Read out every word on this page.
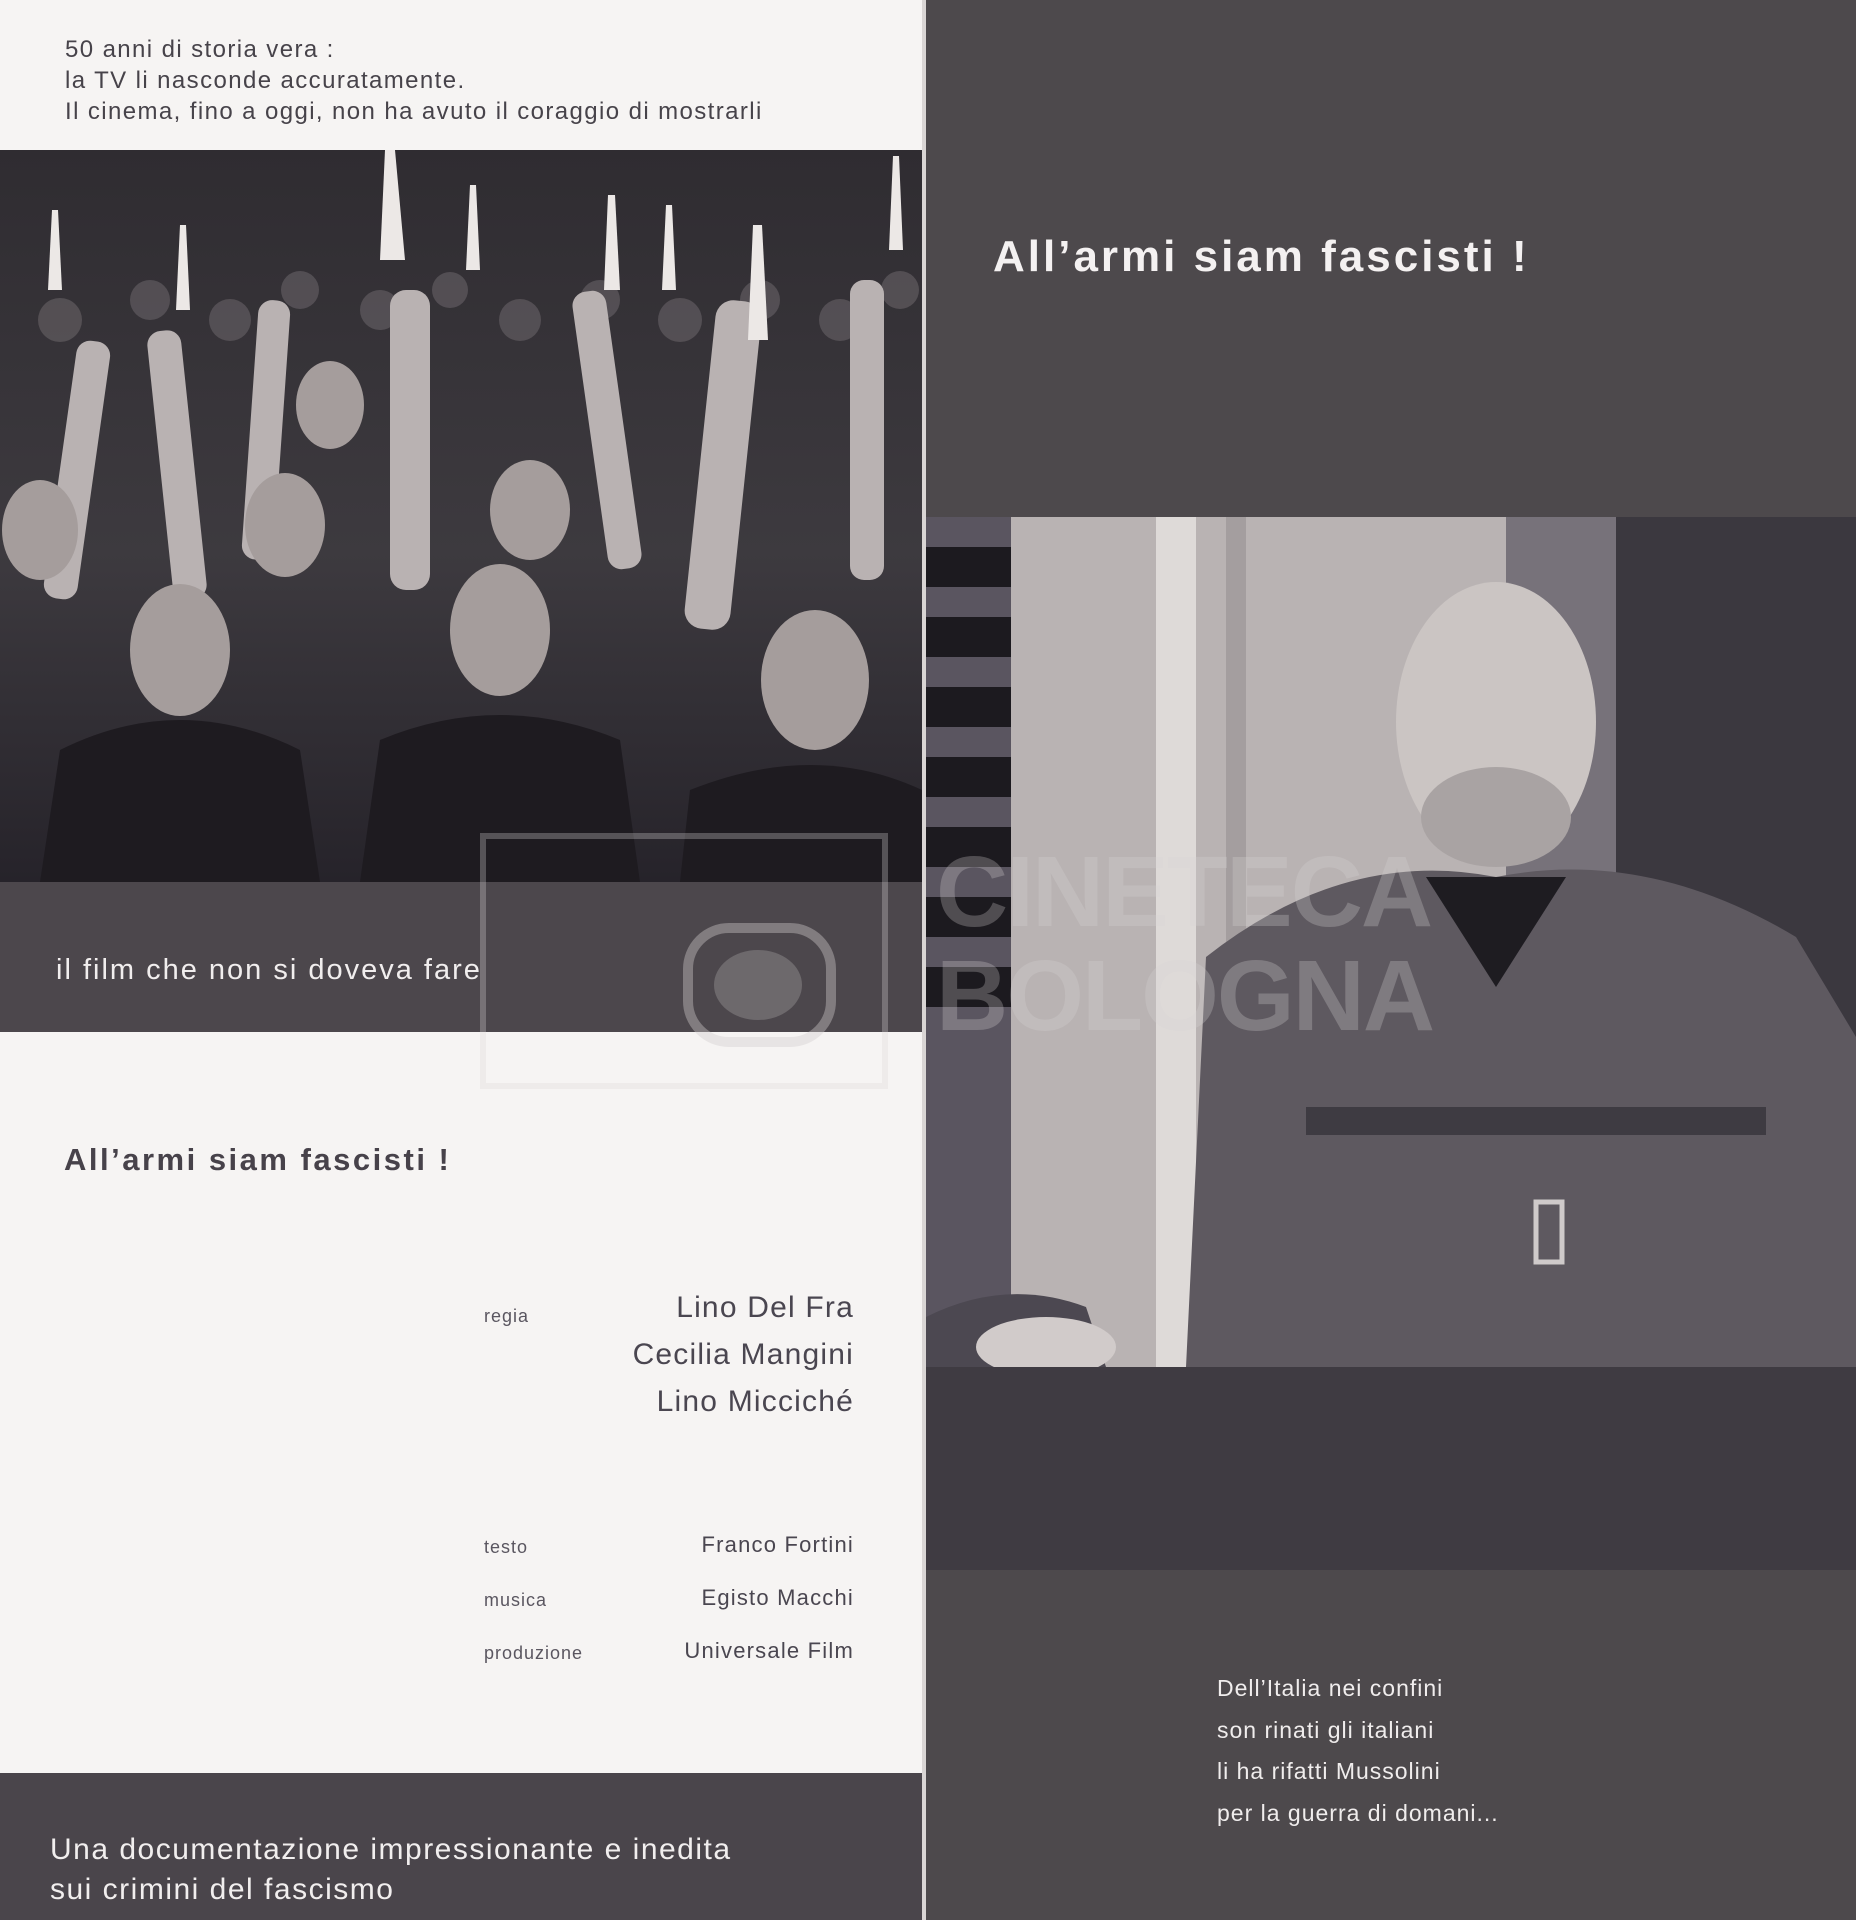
50 anni di storia vera :
la TV li nasconde accuratamente.
Il cinema, fino a oggi, non ha avuto il coraggio di mostrarli
il film che non si doveva fare
All’armi siam fascisti !
regia	Lino Del Fra
Cecilia Mangini
Lino Micciché
testo	Franco Fortini
musica	Egisto Macchi
produzione	Universale Film
Una documentazione impressionante e inedita
sui crimini del fascismo
All’armi siam fascisti !
Dell’Italia nei confini
son rinati gli italiani
li ha rifatti Mussolini
per la guerra di domani...
CINETECA
BOLOGNA
